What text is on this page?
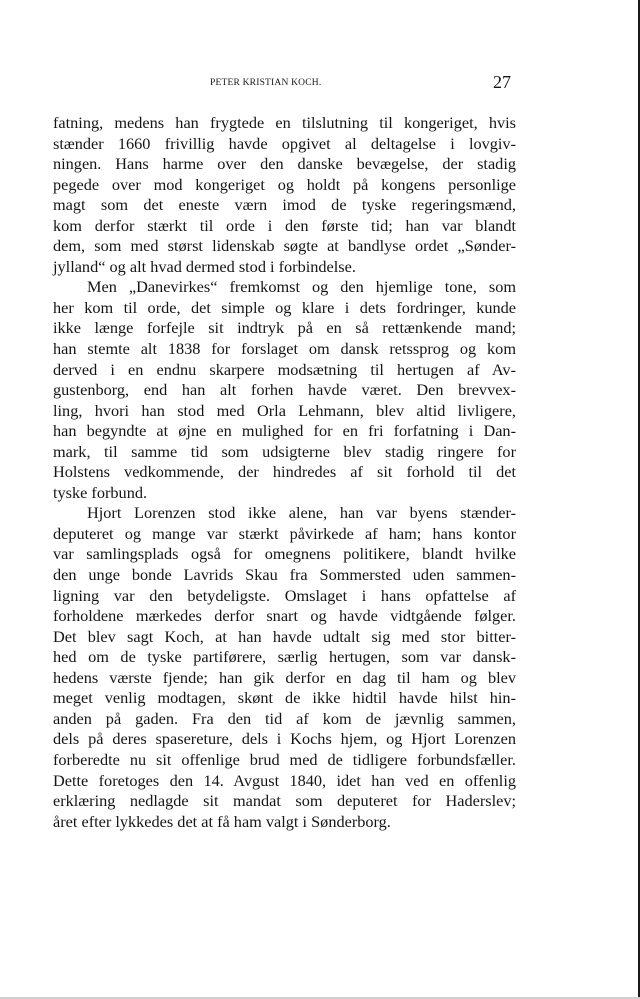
PETER KRISTIAN KOCH.	27
fatning, medens han frygtede en tilslutning til kongeriget, hvis
stænder 1660 frivillig havde opgivet al deltagelse i lovgiv-
ningen. Hans harme over den danske bevægelse, der stadig
pegede over mod kongeriget og holdt på kongens personlige
magt som det eneste værn imod de tyske regeringsmænd,
kom derfor stærkt til orde i den første tid; han var blandt
dem, som med størst lidenskab søgte at bandlyse ordet „Sønder-
jylland“ og alt hvad dermed stod i forbindelse.
Men „Danevirkes“ fremkomst og den hjemlige tone, som
her kom til orde, det simple og klare i dets fordringer, kunde
ikke længe forfejle sit indtryk på en så rettænkende mand;
han stemte alt 1838 for forslaget om dansk retssprog og kom
derved i en endnu skarpere modsætning til hertugen af Av-
gustenborg, end han alt forhen havde været. Den brevvex-
ling, hvori han stod med Orla Lehmann, blev altid livligere,
han begyndte at øjne en mulighed for en fri forfatning i Dan-
mark, til samme tid som udsigterne blev stadig ringere for
Holstens vedkommende, der hindredes af sit forhold til det
tyske forbund.
Hjort Lorenzen stod ikke alene, han var byens stænder-
deputeret og mange var stærkt påvirkede af ham; hans kontor
var samlingsplads også for omegnens politikere, blandt hvilke
den unge bonde Lavrids Skau fra Sommersted uden sammen-
ligning var den betydeligste. Omslaget i hans opfattelse af
forholdene mærkedes derfor snart og havde vidtgående følger.
Det blev sagt Koch, at han havde udtalt sig med stor bitter-
hed om de tyske partiførere, særlig hertugen, som var dansk-
hedens værste fjende; han gik derfor en dag til ham og blev
meget venlig modtagen, skønt de ikke hidtil havde hilst hin-
anden på gaden. Fra den tid af kom de jævnlig sammen,
dels på deres spasereture, dels i Kochs hjem, og Hjort Lorenzen
forberedte nu sit offenlige brud med de tidligere forbundsfæller.
Dette foretoges den 14. Avgust 1840, idet han ved en offenlig
erklæring nedlagde sit mandat som deputeret for Haderslev;
året efter lykkedes det at få ham valgt i Sønderborg.
